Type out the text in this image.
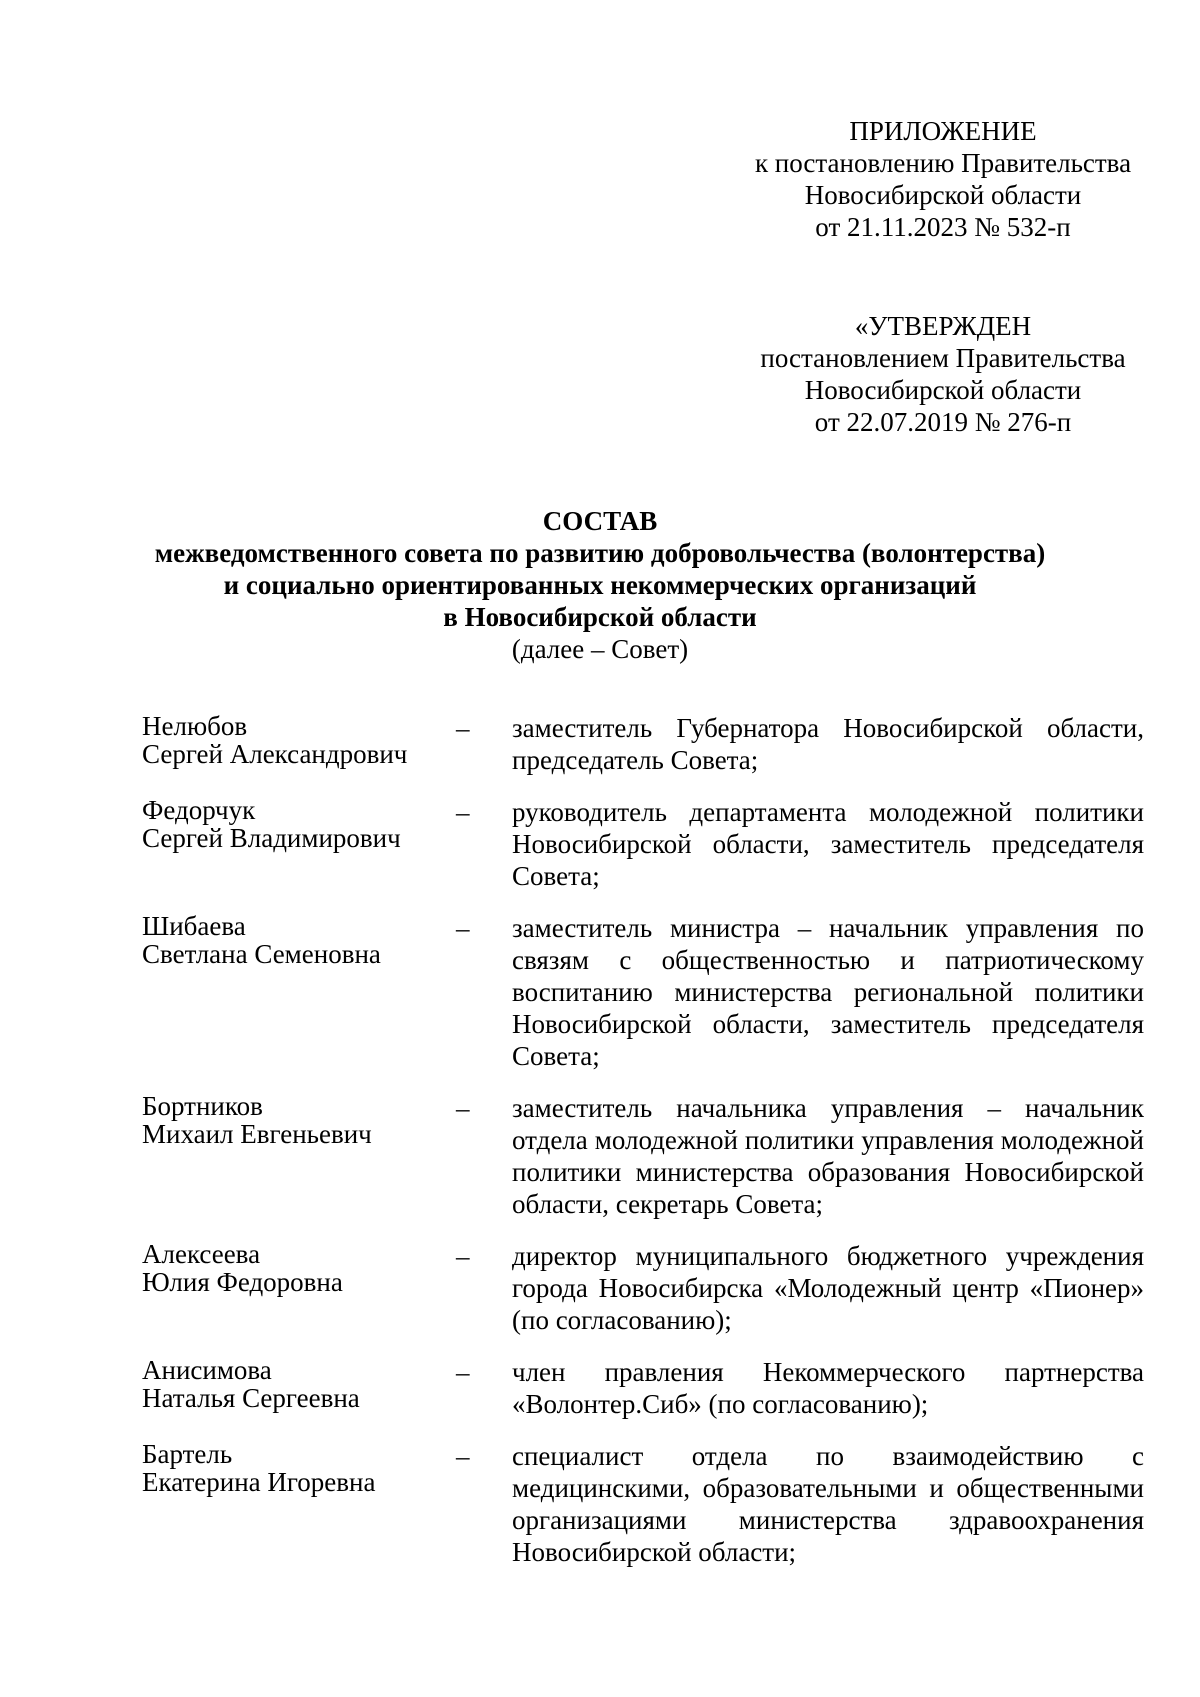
ПРИЛОЖЕНИЕ
к постановлению Правительства
Новосибирской области
от 21.11.2023 № 532-п
«УТВЕРЖДЕН
постановлением Правительства
Новосибирской области
от 22.07.2019 № 276-п
СОСТАВ
межведомственного совета по развитию добровольчества (волонтерства)
и социально ориентированных некоммерческих организаций
в Новосибирской области
(далее – Совет)
Нелюбов
Сергей Александрович
–	заместитель Губернатора Новосибирской области, председатель Совета;
Федорчук
Сергей Владимирович
–	руководитель департамента молодежной политики Новосибирской области, заместитель председателя Совета;
Шибаева
Светлана Семеновна
–	заместитель министра – начальник управления по связям с общественностью и патриотическому воспитанию министерства региональной политики Новосибирской области, заместитель председателя Совета;
Бортников
Михаил Евгеньевич
–	заместитель начальника управления – начальник отдела молодежной политики управления молодежной политики министерства образования Новосибирской области, секретарь Совета;
Алексеева
Юлия Федоровна
–	директор муниципального бюджетного учреждения города Новосибирска «Молодежный центр «Пионер» (по согласованию);
Анисимова
Наталья Сергеевна
–	член правления Некоммерческого партнерства «Волонтер.Сиб» (по согласованию);
Бартель
Екатерина Игоревна
–	специалист отдела по взаимодействию с медицинскими, образовательными и общественными организациями министерства здравоохранения Новосибирской области;
